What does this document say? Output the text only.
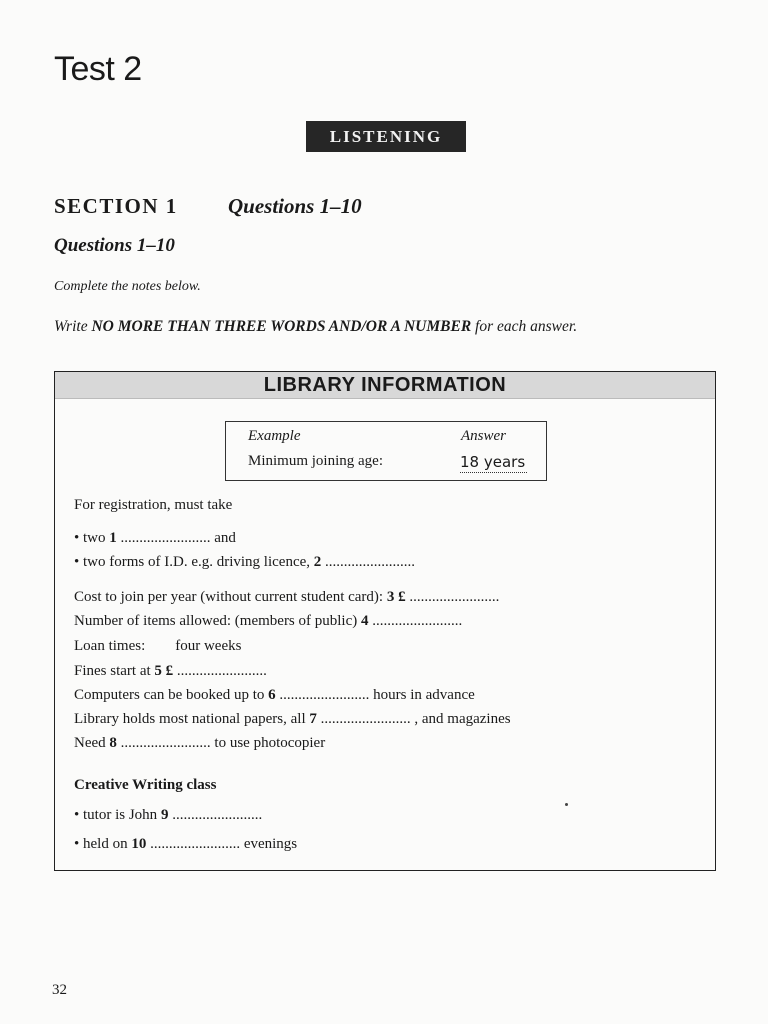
Test 2
LISTENING
SECTION 1 Questions 1–10
Questions 1–10
Complete the notes below.
Write NO MORE THAN THREE WORDS AND/OR A NUMBER for each answer.
LIBRARY INFORMATION
Example	Answer
Minimum joining age:	18 years
For registration, must take
• two 1 ........................ and
• two forms of I.D. e.g. driving licence, 2 ........................
Cost to join per year (without current student card): 3 £ ........................
Number of items allowed: (members of public) 4 ........................
Loan times:        four weeks
Fines start at 5 £ ........................
Computers can be booked up to 6 ........................ hours in advance
Library holds most national papers, all 7 ........................ , and magazines
Need 8 ........................ to use photocopier
Creative Writing class
• tutor is John 9 ........................
• held on 10 ........................ evenings
32
